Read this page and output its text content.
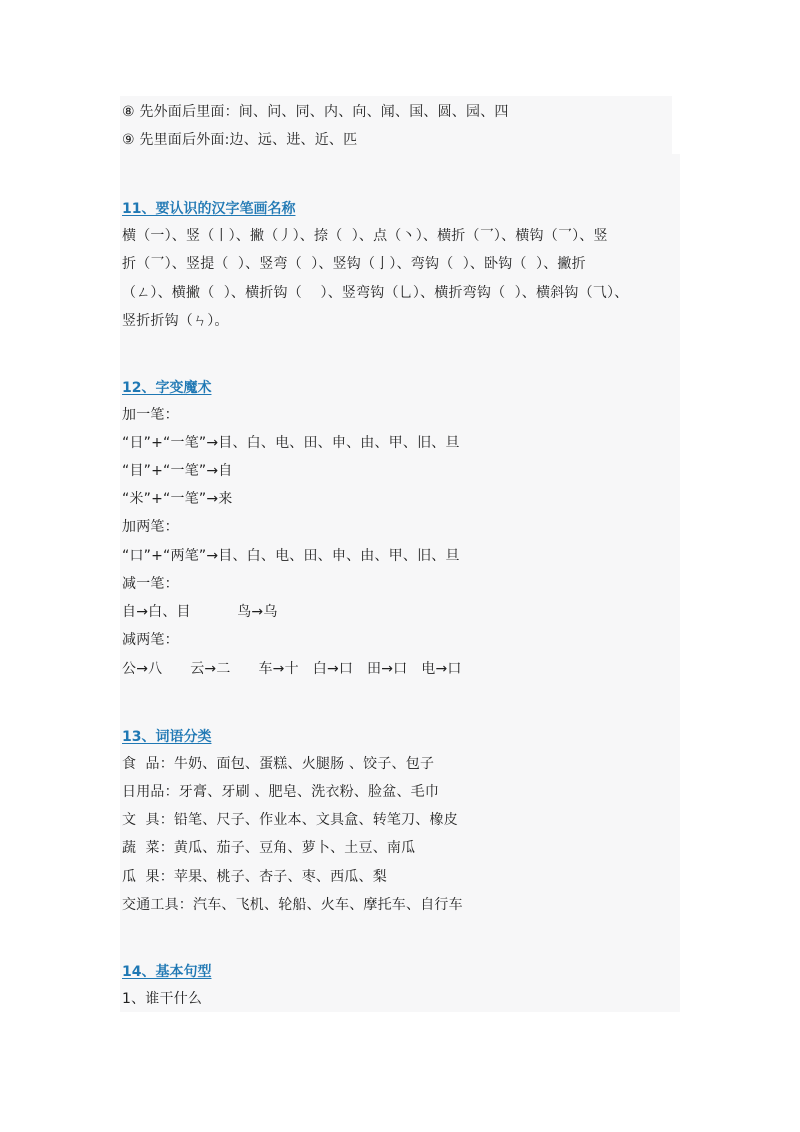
⑧ 先外面后里面：间、问、同、内、向、闻、国、圆、园、四
⑨ 先里面后外面:边、远、进、近、匹
11、要认识的汉字笔画名称
横（一）、竖（丨）、撇（丿）、捺（  ）、点（丶）、横折（乛）、横钩（乛）、竖
折（乛）、竖提（  ）、竖弯（  ）、竖钩（亅）、弯钩（  ）、卧钩（  ）、撇折
（ㄥ）、横撇（  ）、横折钩（    ）、竖弯钩（乚）、横折弯钩（  ）、横斜钩（⺄）、
竖折折钩（ㄣ）。
12、字变魔术
加一笔：
“日”+“一笔”→目、白、电、田、申、由、甲、旧、旦
“目”+“一笔”→自
“米”+“一笔”→来
加两笔：
“口”+“两笔”→目、白、电、田、申、由、甲、旧、旦
减一笔：
自→白、目          鸟→乌
减两笔：
公→八      云→二      车→十   白→口   田→口   电→口
13、词语分类
食  品：牛奶、面包、蛋糕、火腿肠 、饺子、包子
日用品：牙膏、牙刷 、肥皂、洗衣粉、脸盆、毛巾
文  具：铅笔、尺子、作业本、文具盒、转笔刀、橡皮
蔬  菜：黄瓜、茄子、豆角、萝卜、土豆、南瓜
瓜  果：苹果、桃子、杏子、枣、西瓜、梨
交通工具：汽车、飞机、轮船、火车、摩托车、自行车
14、基本句型
1、谁干什么
